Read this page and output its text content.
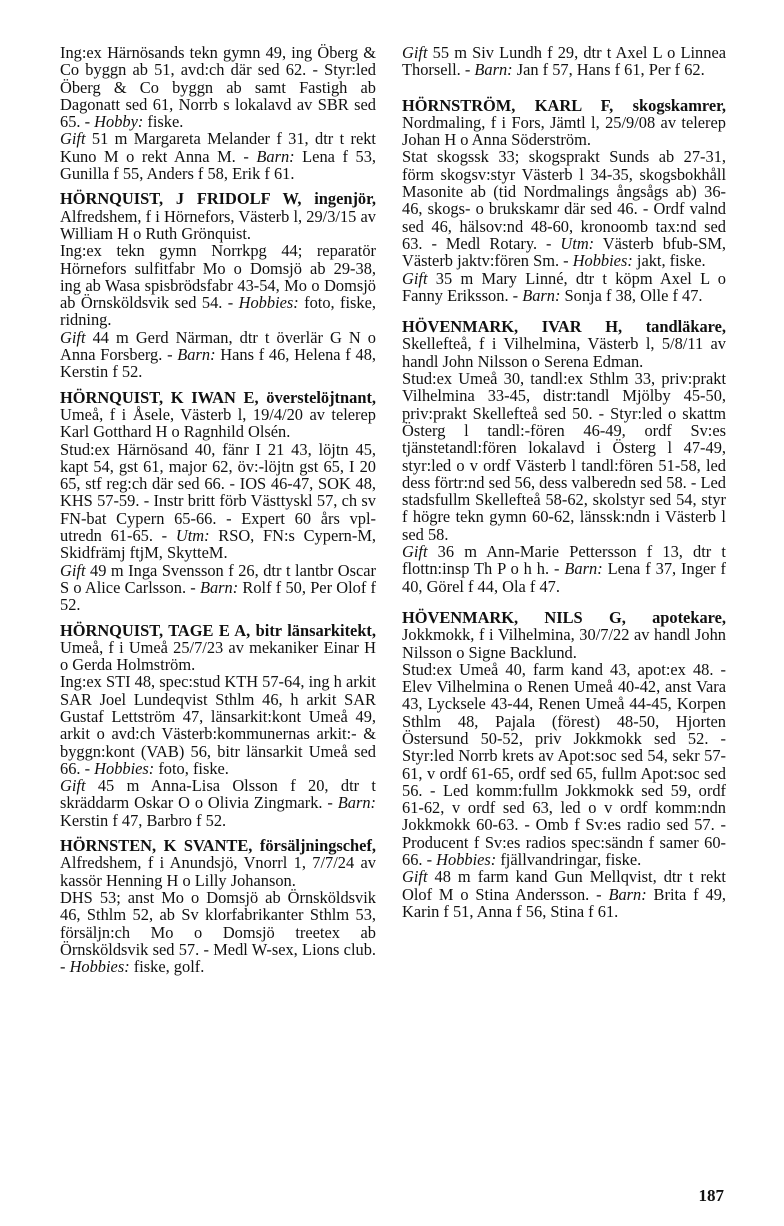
Ing:ex Härnösands tekn gymn 49, ing Öberg & Co byggn ab 51, avd:ch där sed 62. - Styr:led Öberg & Co byggn ab samt Fastigh ab Dagonatt sed 61, Norrb s lokalavd av SBR sed 65. - Hobby: fiske.

Gift 51 m Margareta Melander f 31, dtr t rekt Kuno M o rekt Anna M. - Barn: Lena f 53, Gunilla f 55, Anders f 58, Erik f 61.

HÖRNQUIST, J FRIDOLF W, ingenjör, Alfredshem, f i Hörnefors, Västerb l, 29/3/15 av William H o Ruth Grönquist.

Ing:ex tekn gymn Norrkpg 44; reparatör Hörnefors sulfitfabr Mo o Domsjö ab 29-38, ing ab Wasa spisbrödsfabr 43-54, Mo o Domsjö ab Örnsköldsvik sed 54. - Hobbies: foto, fiske, ridning.

Gift 44 m Gerd Närman, dtr t överlär G N o Anna Forsberg. - Barn: Hans f 46, Helena f 48, Kerstin f 52.

HÖRNQUIST, K IWAN E, överstelöjtnant, Umeå, f i Åsele, Västerb l, 19/4/20 av telerep Karl Gotthard H o Ragnhild Olsén.

Stud:ex Härnösand 40, fänr I 21 43, löjtn 45, kapt 54, gst 61, major 62, öv:-löjtn gst 65, I 20 65, stf reg:ch där sed 66. - IOS 46-47, SOK 48, KHS 57-59. - Instr britt förb Västtyskl 57, ch sv FN-bat Cypern 65-66. - Expert 60 års vpl-utredn 61-65. - Utm: RSO, FN:s Cypern-M, Skidfrämj ftjM, SkytteM.

Gift 49 m Inga Svensson f 26, dtr t lantbr Oscar S o Alice Carlsson. - Barn: Rolf f 50, Per Olof f 52.

HÖRNQUIST, TAGE E A, bitr länsarkitekt, Umeå, f i Umeå 25/7/23 av mekaniker Einar H o Gerda Holmström.

Ing:ex STI 48, spec:stud KTH 57-64, ing h arkit SAR Joel Lundeqvist Sthlm 46, h arkit SAR Gustaf Lettström 47, länsarkit:kont Umeå 49, arkit o avd:ch Västerb:kommunernas arkit:- & byggn:kont (VAB) 56, bitr länsarkit Umeå sed 66. - Hobbies: foto, fiske.

Gift 45 m Anna-Lisa Olsson f 20, dtr t skräddarm Oskar O o Olivia Zingmark. - Barn: Kerstin f 47, Barbro f 52.

HÖRNSTEN, K SVANTE, försäljningschef, Alfredshem, f i Anundsjö, Vnorrl 1, 7/7/24 av kassör Henning H o Lilly Johanson.

DHS 53; anst Mo o Domsjö ab Örnsköldsvik 46, Sthlm 52, ab Sv klorfabrikanter Sthlm 53, försäljn:ch Mo o Domsjö treetex ab Örnsköldsvik sed 57. - Medl W-sex, Lions club. - Hobbies: fiske, golf.

Gift 55 m Siv Lundh f 29, dtr t Axel L o Linnea Thorsell. - Barn: Jan f 57, Hans f 61, Per f 62.

HÖRNSTRÖM, KARL F, skogskamrer, Nordmaling, f i Fors, Jämtl l, 25/9/08 av telerep Johan H o Anna Söderström.

Stat skogssk 33; skogsprakt Sunds ab 27-31, förm skogsv:styr Västerb l 34-35, skogsbokhåll Masonite ab (tid Nordmalings ångsågs ab) 36-46, skogs- o brukskamr där sed 46. - Ordf valnd sed 46, hälsov:nd 48-60, kronoomb tax:nd sed 63. - Medl Rotary. - Utm: Västerb bfub-SM, Västerb jaktv:fören Sm. - Hobbies: jakt, fiske.

Gift 35 m Mary Linné, dtr t köpm Axel L o Fanny Eriksson. - Barn: Sonja f 38, Olle f 47.

HÖVENMARK, IVAR H, tandläkare, Skellefteå, f i Vilhelmina, Västerb l, 5/8/11 av handl John Nilsson o Serena Edman.

Stud:ex Umeå 30, tandl:ex Sthlm 33, priv:prakt Vilhelmina 33-45, distr:tandl Mjölby 45-50, priv:prakt Skellefteå sed 50. - Styr:led o skattm Österg l tandl:-fören 46-49, ordf Sv:es tjänstetandl:fören lokalavd i Österg l 47-49, styr:led o v ordf Västerb l tandl:fören 51-58, led dess förtr:nd sed 56, dess valberedn sed 58. - Led stadsfullm Skellefteå 58-62, skolstyr sed 54, styr f högre tekn gymn 60-62, länssk:ndn i Västerb l sed 58.

Gift 36 m Ann-Marie Pettersson f 13, dtr t flottn:insp Th P o h h. - Barn: Lena f 37, Inger f 40, Görel f 44, Ola f 47.

HÖVENMARK, NILS G, apotekare, Jokkmokk, f i Vilhelmina, 30/7/22 av handl John Nilsson o Signe Backlund.

Stud:ex Umeå 40, farm kand 43, apot:ex 48. - Elev Vilhelmina o Renen Umeå 40-42, anst Vara 43, Lycksele 43-44, Renen Umeå 44-45, Korpen Sthlm 48, Pajala (förest) 48-50, Hjorten Östersund 50-52, priv Jokkmokk sed 52. - Styr:led Norrb krets av Apot:soc sed 54, sekr 57-61, v ordf 61-65, ordf sed 65, fullm Apot:soc sed 56. - Led komm:fullm Jokkmokk sed 59, ordf 61-62, v ordf sed 63, led o v ordf komm:ndn Jokkmokk 60-63. - Omb f Sv:es radio sed 57. - Producent f Sv:es radios spec:sändn f samer 60-66. - Hobbies: fjällvandringar, fiske.

Gift 48 m farm kand Gun Mellqvist, dtr t rekt Olof M o Stina Andersson. - Barn: Brita f 49, Karin f 51, Anna f 56, Stina f 61.

187
